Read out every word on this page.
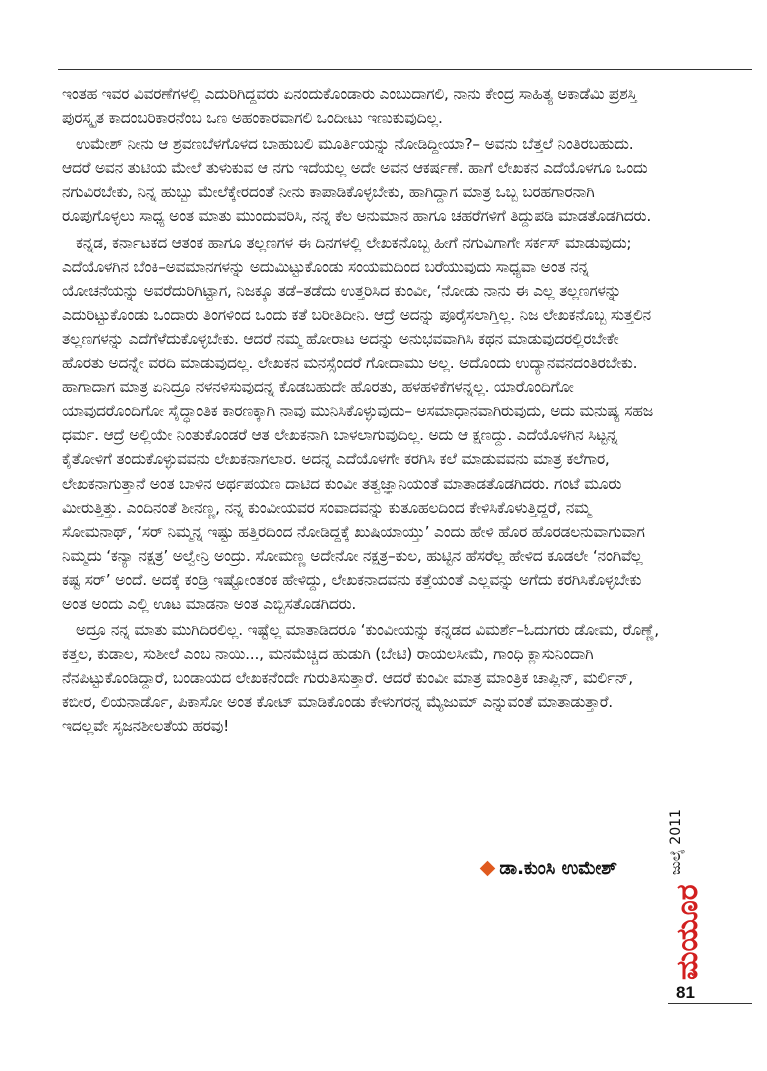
ಇಂತಹ ಇವರ ವಿವರಣೆಗಳಲ್ಲಿ ಎದುರಿಗಿದ್ದವರು ಏನಂದುಕೊಂಡಾರು ಎಂಬುದಾಗಲಿ, ನಾನು ಕೇಂದ್ರ ಸಾಹಿತ್ಯ ಅಕಾಡೆಮಿ ಪ್ರಶಸ್ತಿ ಪುರಸ್ಕೃತ ಕಾದಂಬರಿಕಾರನೆಂಬ ಒಣ ಅಹಂಕಾರವಾಗಲಿ ಒಂದೀಟು ಇಣುಕುವುದಿಲ್ಲ.

ಉಮೇಶ್ ನೀನು ಆ ಶ್ರವಣಬೆಳಗೊಳದ ಬಾಹುಬಲಿ ಮೂರ್ತಿಯನ್ನು ನೋಡಿದ್ದೀಯಾ?– ಅವನು ಬೆತ್ತಲೆ ನಿಂತಿರಬಹುದು. ಆದರೆ ಅವನ ತುಟಿಯ ಮೇಲೆ ತುಳುಕುವ ಆ ನಗು ಇದೆಯಲ್ಲ ಅದೇ ಅವನ ಆಕರ್ಷಣೆ. ಹಾಗೆ ಲೇಖಕನ ಎದೆಯೊಳಗೂ ಒಂದು ನಗುವಿರಬೇಕು, ನಿನ್ನ ಹುಬ್ಬು ಮೇಲೆಕ್ಕೇರದಂತೆ ನೀನು ಕಾಪಾಡಿಕೊಳ್ಳಬೇಕು, ಹಾಗಿದ್ದಾಗ ಮಾತ್ರ ಒಬ್ಬ ಬರಹಗಾರನಾಗಿ ರೂಪುಗೊಳ್ಳಲು ಸಾಧ್ಯ ಅಂತ ಮಾತು ಮುಂದುವರಿಸಿ, ನನ್ನ ಕೆಲ ಅನುಮಾನ ಹಾಗೂ ಚಹರೆಗಳಿಗೆ ತಿದ್ದುಪಡಿ ಮಾಡತೊಡಗಿದರು.

ಕನ್ನಡ, ಕರ್ನಾಟಕದ ಆತಂಕ ಹಾಗೂ ತಲ್ಲಣಗಳ ಈ ದಿನಗಳಲ್ಲಿ ಲೇಖಕನೊಬ್ಬ ಹೀಗೆ ನಗುವಿಗಾಗೇ ಸರ್ಕಸ್ ಮಾಡುವುದು; ಎದೆಯೊಳಗಿನ ಬೆಂಕಿ–ಅವಮಾನಗಳನ್ನು ಅದುಮಿಟ್ಟುಕೊಂಡು ಸಂಯಮದಿಂದ ಬರೆಯುವುದು ಸಾಧ್ಯವಾ ಅಂತ ನನ್ನ ಯೋಚನೆಯನ್ನು ಅವರೆದುರಿಗಿಟ್ಟಾಗ, ನಿಜಕ್ಕೂ ತಡೆ–ತಡೆದು ಉತ್ತರಿಸಿದ ಕುಂವೀ, ‘ನೋಡು ನಾನು ಈ ಎಲ್ಲ ತಲ್ಲಣಗಳನ್ನು ಎದುರಿಟ್ಟುಕೊಂಡು ಒಂದಾರು ತಿಂಗಳಿಂದ ಒಂದು ಕತೆ ಬರೀತಿದೀನಿ. ಆದ್ರೆ ಅದನ್ನು ಪೂರೈಸಲಾಗ್ತಿಲ್ಲ. ನಿಜ ಲೇಖಕನೊಬ್ಬ ಸುತ್ತಲಿನ ತಲ್ಲಣಗಳನ್ನು ಎದೆಗೆಳೆದುಕೊಳ್ಳಬೇಕು. ಆದರೆ ನಮ್ಮ ಹೋರಾಟ ಅದನ್ನು ಅನುಭವವಾಗಿಸಿ ಕಥನ ಮಾಡುವುದರಲ್ಲಿರಬೇಕೇ ಹೊರತು ಅದನ್ನೇ ವರದಿ ಮಾಡುವುದಲ್ಲ. ಲೇಖಕನ ಮನಸ್ಸೆಂದರೆ ಗೋದಾಮು ಅಲ್ಲ. ಅದೊಂದು ಉದ್ಯಾನವನದಂತಿರಬೇಕು. ಹಾಗಾದಾಗ ಮಾತ್ರ ಏನಿದ್ರೂ ನಳನಳಿಸುವುದನ್ನ ಕೊಡಬಹುದೇ ಹೊರತು, ಹಳಹಳಿಕೆಗಳನ್ನಲ್ಲ. ಯಾರೊಂದಿಗೋ ಯಾವುದರೊಂದಿಗೋ ಸೈದ್ಧಾಂತಿಕ ಕಾರಣಕ್ಕಾಗಿ ನಾವು ಮುನಿಸಿಕೊಳ್ಳುವುದು– ಅಸಮಾಧಾನವಾಗಿರುವುದು, ಅದು ಮನುಷ್ಯ ಸಹಜ ಧರ್ಮ. ಆದ್ರೆ ಅಲ್ಲಿಯೇ ನಿಂತುಕೊಂಡರೆ ಆತ ಲೇಖಕನಾಗಿ ಬಾಳಲಾಗುವುದಿಲ್ಲ. ಅದು ಆ ಕ್ಷಣದ್ದು. ಎದೆಯೊಳಗಿನ ಸಿಟ್ಟನ್ನ ಕೈತೋಳಿಗೆ ತಂದುಕೊಳ್ಳುವವನು ಲೇಖಕನಾಗಲಾರ. ಅದನ್ನ ಎದೆಯೊಳಗೇ ಕರಗಿಸಿ ಕಲೆ ಮಾಡುವವನು ಮಾತ್ರ ಕಲೆಗಾರ, ಲೇಖಕನಾಗುತ್ತಾನೆ ಅಂತ ಬಾಳಿನ ಅರ್ಥಪಯಣ ದಾಟಿದ ಕುಂವೀ ತತ್ವಜ್ಞಾನಿಯಂತೆ ಮಾತಾಡತೊಡಗಿದರು. ಗಂಟೆ ಮೂರು ಮೀರುತ್ತಿತ್ತು. ಎಂದಿನಂತೆ ಶೀನಣ್ಣ, ನನ್ನ ಕುಂವೀಯವರ ಸಂವಾದವನ್ನು ಕುತೂಹಲದಿಂದ ಕೇಳಿಸಿಕೊಳುತ್ತಿದ್ದರೆ, ನಮ್ಮ ಸೋಮನಾಥ್, ‘ಸರ್ ನಿಮ್ಮನ್ನ ಇಷ್ಟು ಹತ್ತಿರದಿಂದ ನೋಡಿದ್ದಕ್ಕೆ ಖುಷಿಯಾಯ್ತು’ ಎಂದು ಹೇಳಿ ಹೊರ ಹೊರಡಲನುವಾಗುವಾಗ ನಿಮ್ಮದು ‘ಕನ್ಯಾ ನಕ್ಷತ್ರ’ ಅಲ್ವೇನ್ರಿ ಅಂದ್ರು. ಸೋಮಣ್ಣ ಅದೇನೋ ನಕ್ಷತ್ರ–ಕುಲ, ಹುಟ್ಟಿನ ಹೆಸರೆಲ್ಲ ಹೇಳಿದ ಕೂಡಲೇ ‘ನಂಗಿವೆಲ್ಲ ಕಷ್ಟ ಸರ್’ ಅಂದೆ. ಅದಕ್ಕೆ ಕಂಡ್ರಿ ಇಷ್ಟೋಂತಂಕ ಹೇಳಿದ್ದು, ಲೇಖಕನಾದವನು ಕತ್ತೆಯಂತೆ ಎಲ್ಲವನ್ನು ಅಗೆದು ಕರಗಿಸಿಕೊಳ್ಳಬೇಕು ಅಂತ ಅಂದು ಎಲ್ಲಿ ಊಟ ಮಾಡನಾ ಅಂತ ಎಬ್ಬಿಸತೊಡಗಿದರು.

ಅದ್ರೂ ನನ್ನ ಮಾತು ಮುಗಿದಿರಲಿಲ್ಲ. ಇಷ್ಟೆಲ್ಲ ಮಾತಾಡಿದರೂ ‘ಕುಂವೀಯನ್ನು ಕನ್ನಡದ ವಿಮರ್ಶೆ–ಓದುಗರು ಡೋಮ, ರೊಣ್ಣೆ, ಕತ್ತಲ, ಕುಡಾಲ, ಸುಶೀಲೆ ಎಂಬ ನಾಯಿ..., ಮನಮೆಚ್ಚಿದ ಹುಡುಗಿ (ಬೇಟಿ) ರಾಯಲಸೀಮೆ, ಗಾಂಧಿ ಕ್ಲಾಸುನಿಂದಾಗಿ ನೆನಪಿಟ್ಟುಕೊಂಡಿದ್ದಾರೆ, ಬಂಡಾಯದ ಲೇಖಕನೆಂದೇ ಗುರುತಿಸುತ್ತಾರೆ. ಆದರೆ ಕುಂವೀ ಮಾತ್ರ ಮಾಂತ್ರಿಕ ಚಾಪ್ಲಿನ್, ಮರ್ಲಿನ್, ಕಬೀರ, ಲಿಯನಾರ್ಡೊ, ಪಿಕಾಸೋ ಅಂತ ಕೋಟ್ ಮಾಡಿಕೊಂಡು ಕೇಳುಗರನ್ನ ಮ್ಯೆಜುಮ್ ಎನ್ನುವಂತೆ ಮಾತಾಡುತ್ತಾರೆ. ಇದಲ್ಲವೇ ಸೃಜನಶೀಲತೆಯ ಹರವು!

ಡಾ.ಕುಂಸಿ ಉಮೇಶ್	ಜುಲೈ 2011
ಮಯೂರ
81
